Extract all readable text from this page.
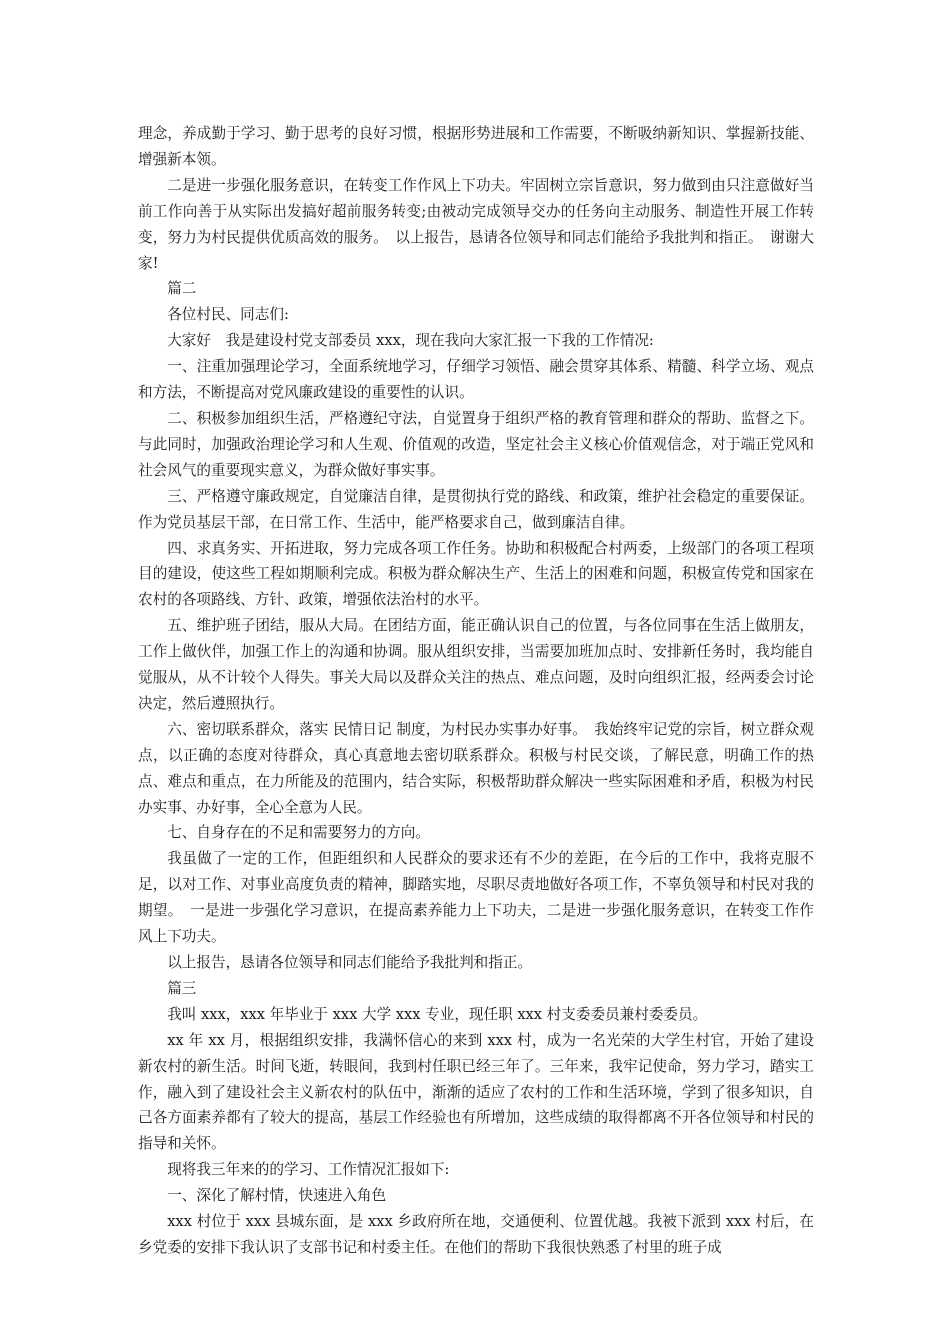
理念，养成勤于学习、勤于思考的良好习惯，根据形势进展和工作需要，不断吸纳新知识、掌握新技能、增强新本领。

二是进一步强化服务意识，在转变工作作风上下功夫。牢固树立宗旨意识，努力做到由只注意做好当前工作向善于从实际出发搞好超前服务转变;由被动完成领导交办的任务向主动服务、制造性开展工作转变，努力为村民提供优质高效的服务。　以上报告，恳请各位领导和同志们能给予我批判和指正。　谢谢大家!

篇二

各位村民、同志们:

大家好　我是建设村党支部委员 xxx，现在我向大家汇报一下我的工作情况:

一、注重加强理论学习，全面系统地学习，仔细学习领悟、融会贯穿其体系、精髓、科学立场、观点和方法，不断提高对党风廉政建设的重要性的认识。

二、积极参加组织生活，严格遵纪守法，自觉置身于组织严格的教育管理和群众的帮助、监督之下。与此同时，加强政治理论学习和人生观、价值观的改造，坚定社会主义核心价值观信念，对于端正党风和社会风气的重要现实意义，为群众做好事实事。

三、严格遵守廉政规定，自觉廉洁自律，是贯彻执行党的路线、和政策，维护社会稳定的重要保证。作为党员基层干部，在日常工作、生活中，能严格要求自己，做到廉洁自律。

四、求真务实、开拓进取，努力完成各项工作任务。协助和积极配合村两委，上级部门的各项工程项目的建设，使这些工程如期顺利完成。积极为群众解决生产、生活上的困难和问题，积极宣传党和国家在农村的各项路线、方针、政策，增强依法治村的水平。

五、维护班子团结，服从大局。在团结方面，能正确认识自己的位置，与各位同事在生活上做朋友，工作上做伙伴，加强工作上的沟通和协调。服从组织安排，当需要加班加点时、安排新任务时，我均能自觉服从，从不计较个人得失。事关大局以及群众关注的热点、难点问题，及时向组织汇报，经两委会讨论决定，然后遵照执行。

六、密切联系群众，落实 民情日记 制度，为村民办实事办好事。　我始终牢记党的宗旨，树立群众观点，以正确的态度对待群众，真心真意地去密切联系群众。积极与村民交谈，了解民意，明确工作的热点、难点和重点，在力所能及的范围内，结合实际，积极帮助群众解决一些实际困难和矛盾，积极为村民办实事、办好事，全心全意为人民。

七、自身存在的不足和需要努力的方向。

我虽做了一定的工作，但距组织和人民群众的要求还有不少的差距，在今后的工作中，我将克服不足，以对工作、对事业高度负责的精神，脚踏实地，尽职尽责地做好各项工作，不辜负领导和村民对我的期望。　一是进一步强化学习意识，在提高素养能力上下功夫，二是进一步强化服务意识，在转变工作作风上下功夫。

以上报告，恳请各位领导和同志们能给予我批判和指正。

篇三

我叫 xxx，xxx 年毕业于 xxx 大学 xxx 专业，现任职 xxx 村支委委员兼村委委员。

xx 年 xx 月，根据组织安排，我满怀信心的来到 xxx 村，成为一名光荣的大学生村官，开始了建设新农村的新生活。时间飞逝，转眼间，我到村任职已经三年了。三年来，我牢记使命，努力学习，踏实工作，融入到了建设社会主义新农村的队伍中，渐渐的适应了农村的工作和生活环境，学到了很多知识，自己各方面素养都有了较大的提高，基层工作经验也有所增加，这些成绩的取得都离不开各位领导和村民的指导和关怀。

现将我三年来的的学习、工作情况汇报如下:

一、深化了解村情，快速进入角色

xxx 村位于 xxx 县城东面，是 xxx 乡政府所在地，交通便利、位置优越。我被下派到 xxx 村后，在乡党委的安排下我认识了支部书记和村委主任。在他们的帮助下我很快熟悉了村里的班子成
